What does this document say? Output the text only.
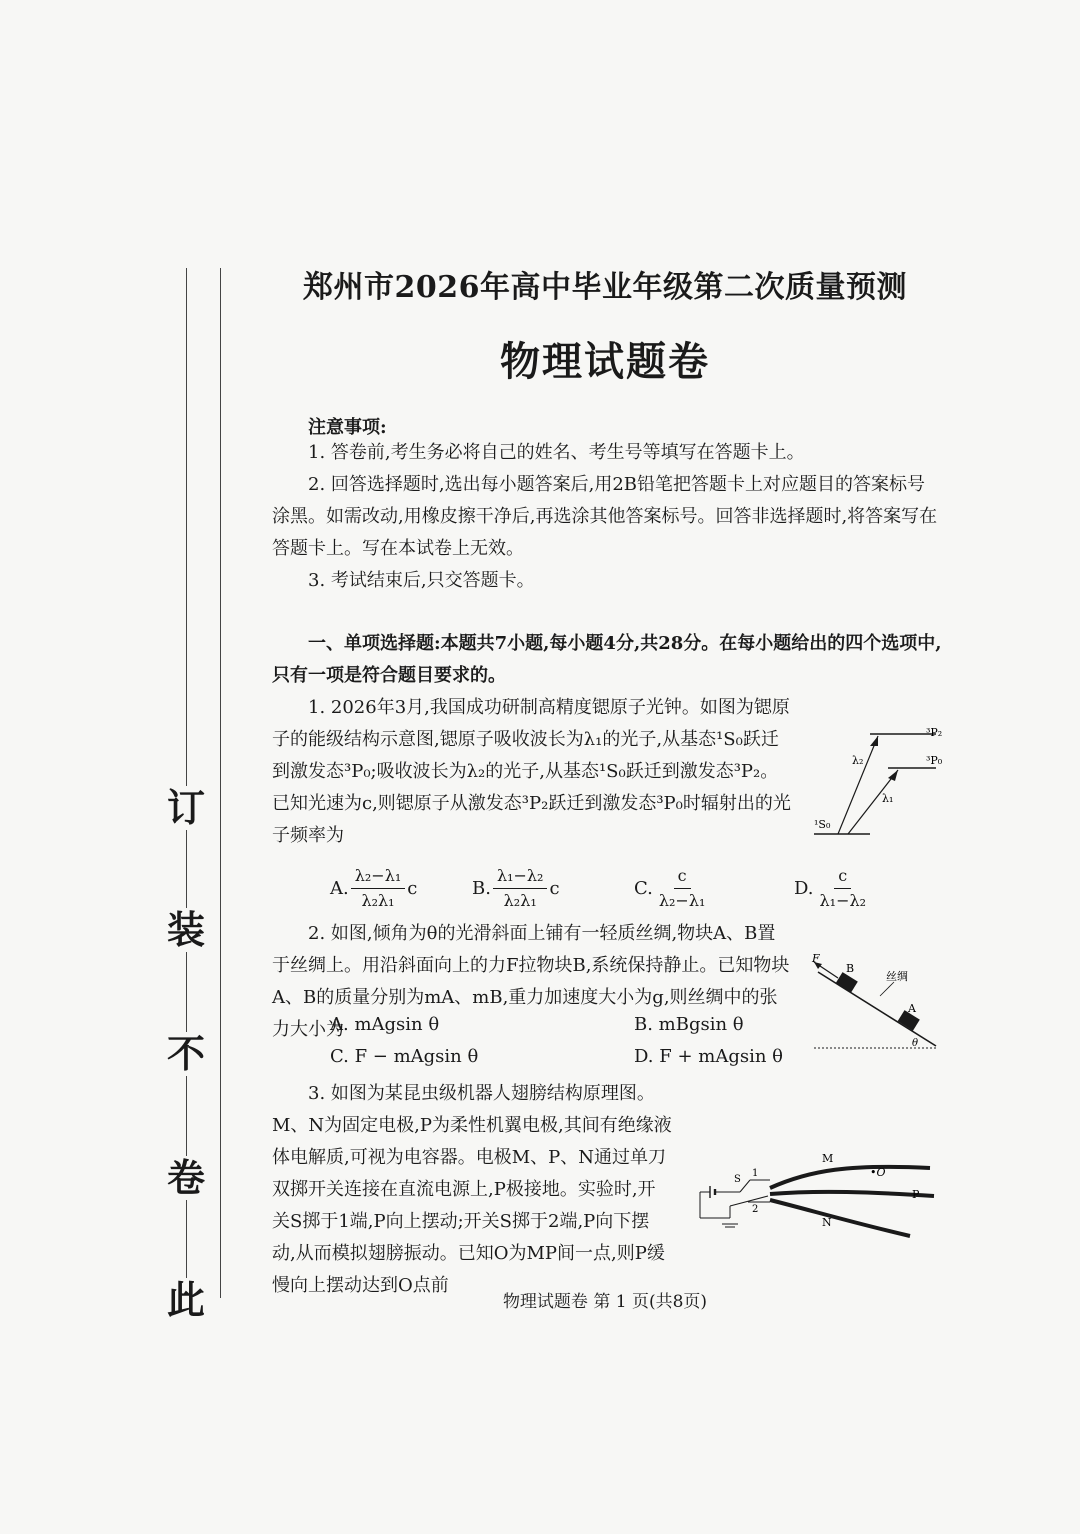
此
卷
不
装
订
郑州市2026年高中毕业年级第二次质量预测
物理试题卷
注意事项:
1. 答卷前,考生务必将自己的姓名、考生号等填写在答题卡上。
2. 回答选择题时,选出每小题答案后,用2B铅笔把答题卡上对应题目的答案标号涂黑。如需改动,用橡皮擦干净后,再选涂其他答案标号。回答非选择题时,将答案写在答题卡上。写在本试卷上无效。
3. 考试结束后,只交答题卡。
一、单项选择题:本题共7小题,每小题4分,共28分。在每小题给出的四个选项中,只有一项是符合题目要求的。
1. 2026年3月,我国成功研制高精度锶原子光钟。如图为锶原子的能级结构示意图,锶原子吸收波长为λ₁的光子,从基态¹S₀跃迁到激发态³P₀;吸收波长为λ₂的光子,从基态¹S₀跃迁到激发态³P₂。已知光速为c,则锶原子从激发态³P₂跃迁到激发态³P₀时辐射出的光子频率为
³P₂
³P₀
¹S₀
λ₂
λ₁
A. $\frac{\text{λ₂−λ₁}}{\text{λ₂λ₁}}$ c	B. $\frac{\text{λ₁−λ₂}}{\text{λ₂λ₁}}$ c	C. $\frac{c}{\text{λ₂−λ₁}}$	D. $\frac{c}{\text{λ₁−λ₂}}$
2. 如图,倾角为θ的光滑斜面上铺有一轻质丝绸,物块A、B置于丝绸上。用沿斜面向上的力F拉物块B,系统保持静止。已知物块A、B的质量分别为mA、mB,重力加速度大小为g,则丝绸中的张力大小为
F
B
A
丝绸
θ
A. mAgsin θ	B. mBgsin θ
C. F − mAgsin θ	D. F + mAgsin θ
3. 如图为某昆虫级机器人翅膀结构原理图。M、N为固定电极,P为柔性机翼电极,其间有绝缘液体电解质,可视为电容器。电极M、P、N通过单刀双掷开关连接在直流电源上,P极接地。实验时,开关S掷于1端,P向上摆动;开关S掷于2端,P向下摆动,从而模拟翅膀振动。已知O为MP间一点,则P缓慢向上摆动达到O点前
M
•O
P
N
S
1
2
物理试题卷 第 1 页(共8页)
